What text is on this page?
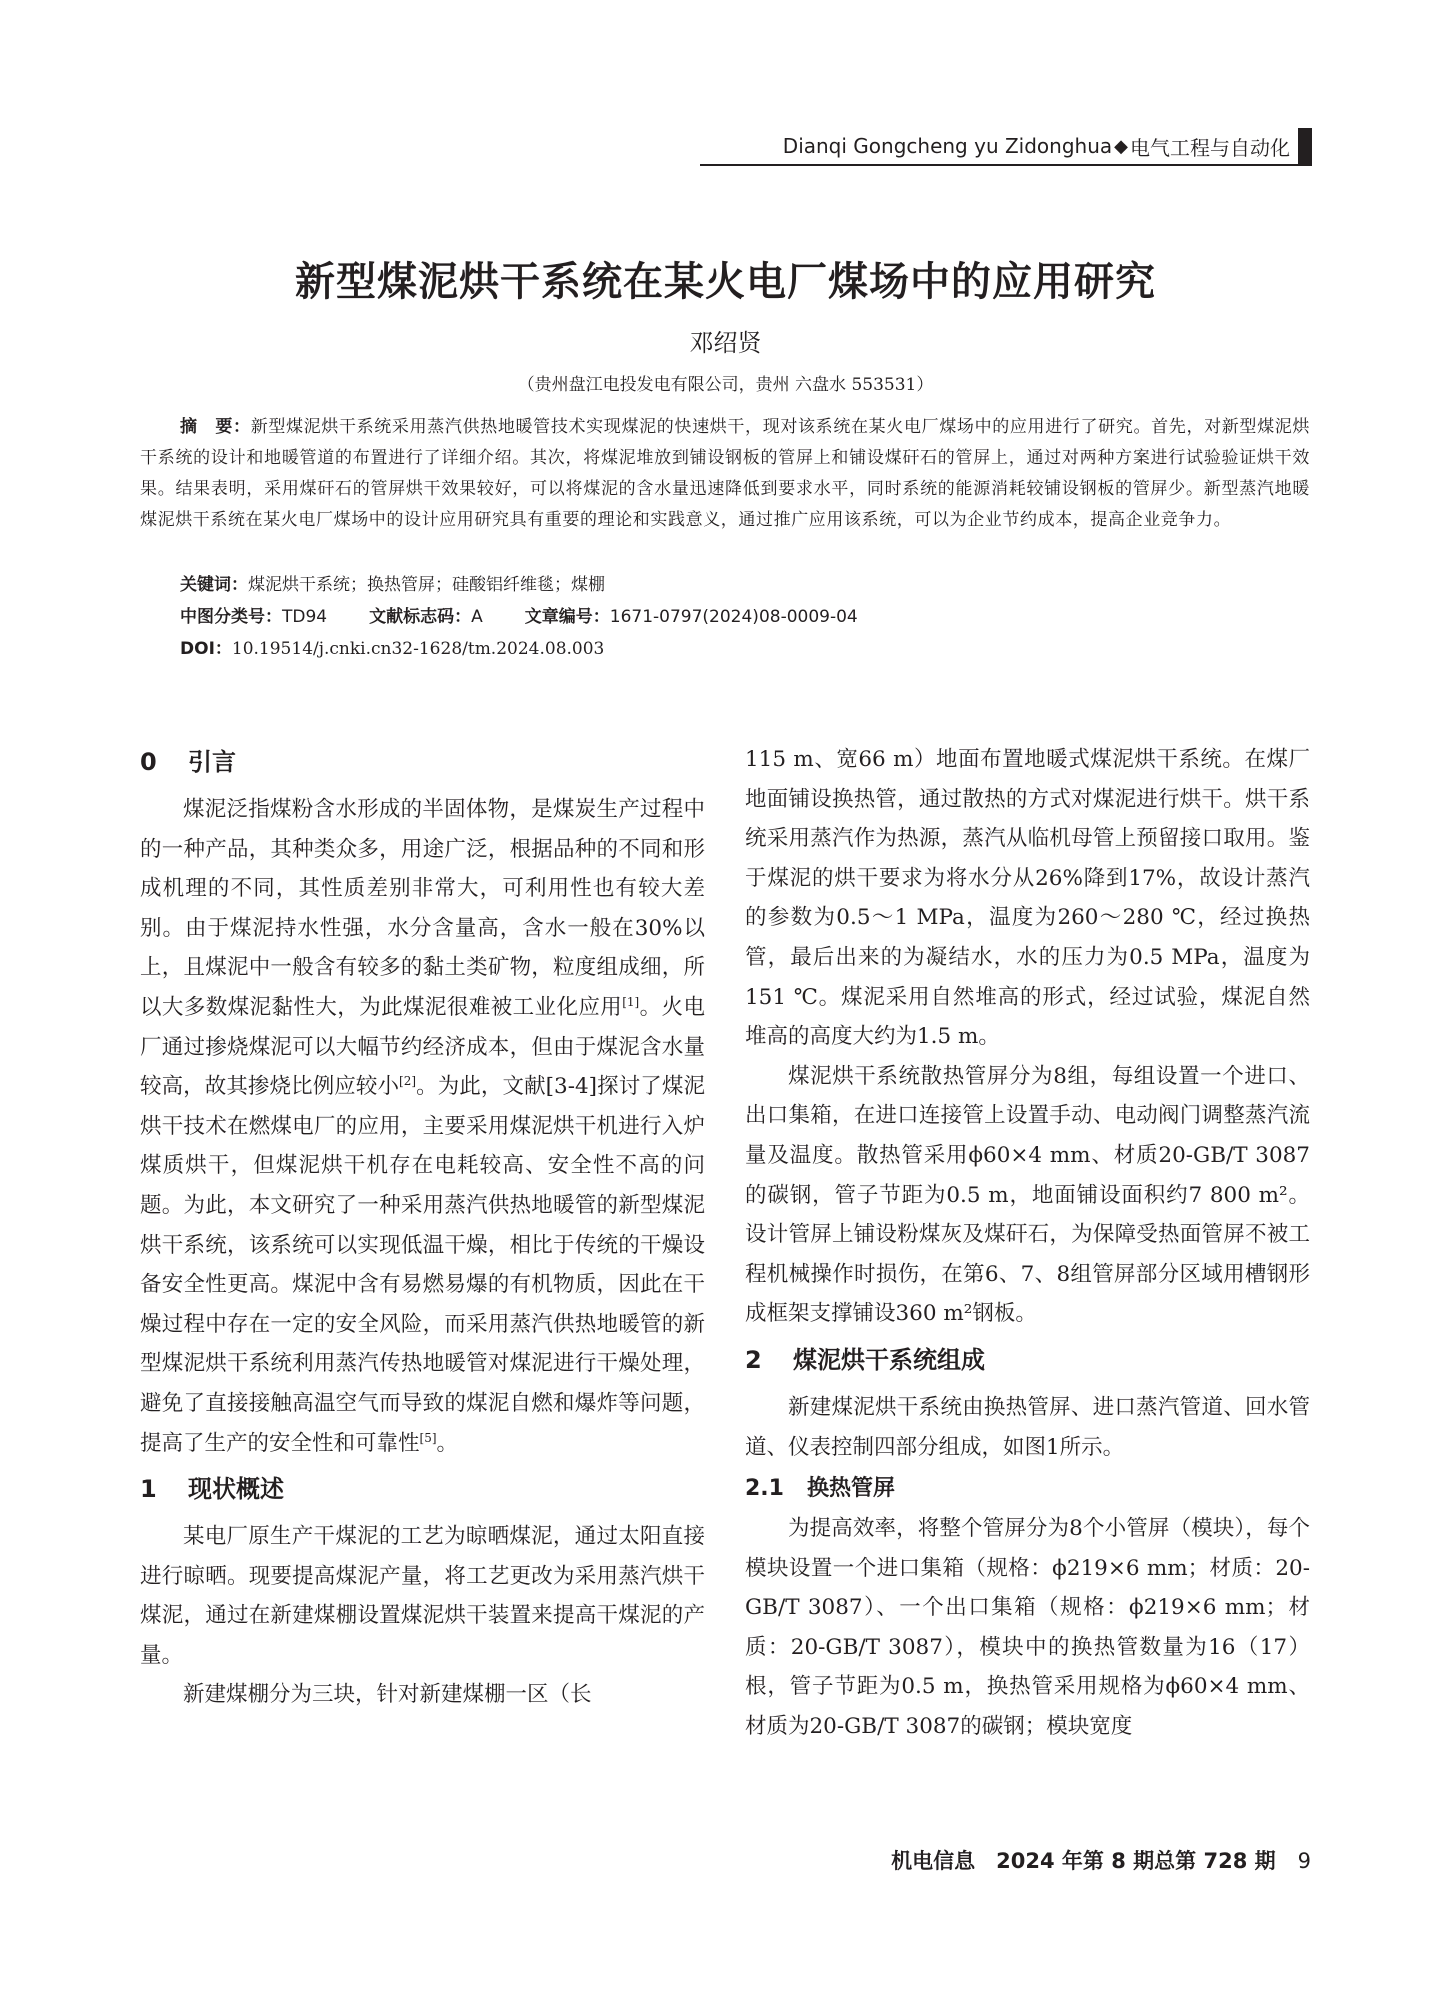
Dianqi Gongcheng yu Zidonghua ◆ 电气工程与自动化
新型煤泥烘干系统在某火电厂煤场中的应用研究
邓绍贤
（贵州盘江电投发电有限公司，贵州 六盘水 553531）
摘　要：新型煤泥烘干系统采用蒸汽供热地暖管技术实现煤泥的快速烘干，现对该系统在某火电厂煤场中的应用进行了研究。首先，对新型煤泥烘干系统的设计和地暖管道的布置进行了详细介绍。其次，将煤泥堆放到铺设钢板的管屏上和铺设煤矸石的管屏上，通过对两种方案进行试验验证烘干效果。结果表明，采用煤矸石的管屏烘干效果较好，可以将煤泥的含水量迅速降低到要求水平，同时系统的能源消耗较铺设钢板的管屏少。新型蒸汽地暖煤泥烘干系统在某火电厂煤场中的设计应用研究具有重要的理论和实践意义，通过推广应用该系统，可以为企业节约成本，提高企业竞争力。
关键词：煤泥烘干系统；换热管屏；硅酸铝纤维毯；煤棚
中图分类号：TD94 文献标志码：A 文章编号：1671-0797(2024)08-0009-04
DOI：10.19514/j.cnki.cn32-1628/tm.2024.08.003
0 引言

煤泥泛指煤粉含水形成的半固体物，是煤炭生产过程中的一种产品，其种类众多，用途广泛，根据品种的不同和形成机理的不同，其性质差别非常大，可利用性也有较大差别。由于煤泥持水性强，水分含量高，含水一般在30%以上，且煤泥中一般含有较多的黏土类矿物，粒度组成细，所以大多数煤泥黏性大，为此煤泥很难被工业化应用[1]。火电厂通过掺烧煤泥可以大幅节约经济成本，但由于煤泥含水量较高，故其掺烧比例应较小[2]。为此，文献[3-4]探讨了煤泥烘干技术在燃煤电厂的应用，主要采用煤泥烘干机进行入炉煤质烘干，但煤泥烘干机存在电耗较高、安全性不高的问题。为此，本文研究了一种采用蒸汽供热地暖管的新型煤泥烘干系统，该系统可以实现低温干燥，相比于传统的干燥设备安全性更高。煤泥中含有易燃易爆的有机物质，因此在干燥过程中存在一定的安全风险，而采用蒸汽供热地暖管的新型煤泥烘干系统利用蒸汽传热地暖管对煤泥进行干燥处理，避免了直接接触高温空气而导致的煤泥自燃和爆炸等问题，提高了生产的安全性和可靠性[5]。

1 现状概述

某电厂原生产干煤泥的工艺为晾晒煤泥，通过太阳直接进行晾晒。现要提高煤泥产量，将工艺更改为采用蒸汽烘干煤泥，通过在新建煤棚设置煤泥烘干装置来提高干煤泥的产量。

新建煤棚分为三块，针对新建煤棚一区（长

115 m、宽66 m）地面布置地暖式煤泥烘干系统。在煤厂地面铺设换热管，通过散热的方式对煤泥进行烘干。烘干系统采用蒸汽作为热源，蒸汽从临机母管上预留接口取用。鉴于煤泥的烘干要求为将水分从26%降到17%，故设计蒸汽的参数为0.5～1 MPa，温度为260～280 ℃，经过换热管，最后出来的为凝结水，水的压力为0.5 MPa，温度为151 ℃。煤泥采用自然堆高的形式，经过试验，煤泥自然堆高的高度大约为1.5 m。

煤泥烘干系统散热管屏分为8组，每组设置一个进口、出口集箱，在进口连接管上设置手动、电动阀门调整蒸汽流量及温度。散热管采用ϕ60×4 mm、材质20-GB/T 3087的碳钢，管子节距为0.5 m，地面铺设面积约7 800 m²。设计管屏上铺设粉煤灰及煤矸石，为保障受热面管屏不被工程机械操作时损伤，在第6、7、8组管屏部分区域用槽钢形成框架支撑铺设360 m²钢板。

2 煤泥烘干系统组成

新建煤泥烘干系统由换热管屏、进口蒸汽管道、回水管道、仪表控制四部分组成，如图1所示。

2.1 换热管屏

为提高效率，将整个管屏分为8个小管屏（模块），每个模块设置一个进口集箱（规格：ϕ219×6 mm；材质：20-GB/T 3087）、一个出口集箱（规格：ϕ219×6 mm；材质：20-GB/T 3087），模块中的换热管数量为16（17）根，管子节距为0.5 m，换热管采用规格为ϕ60×4 mm、材质为20-GB/T 3087的碳钢；模块宽度

机电信息　2024 年第 8 期总第 728 期 9
